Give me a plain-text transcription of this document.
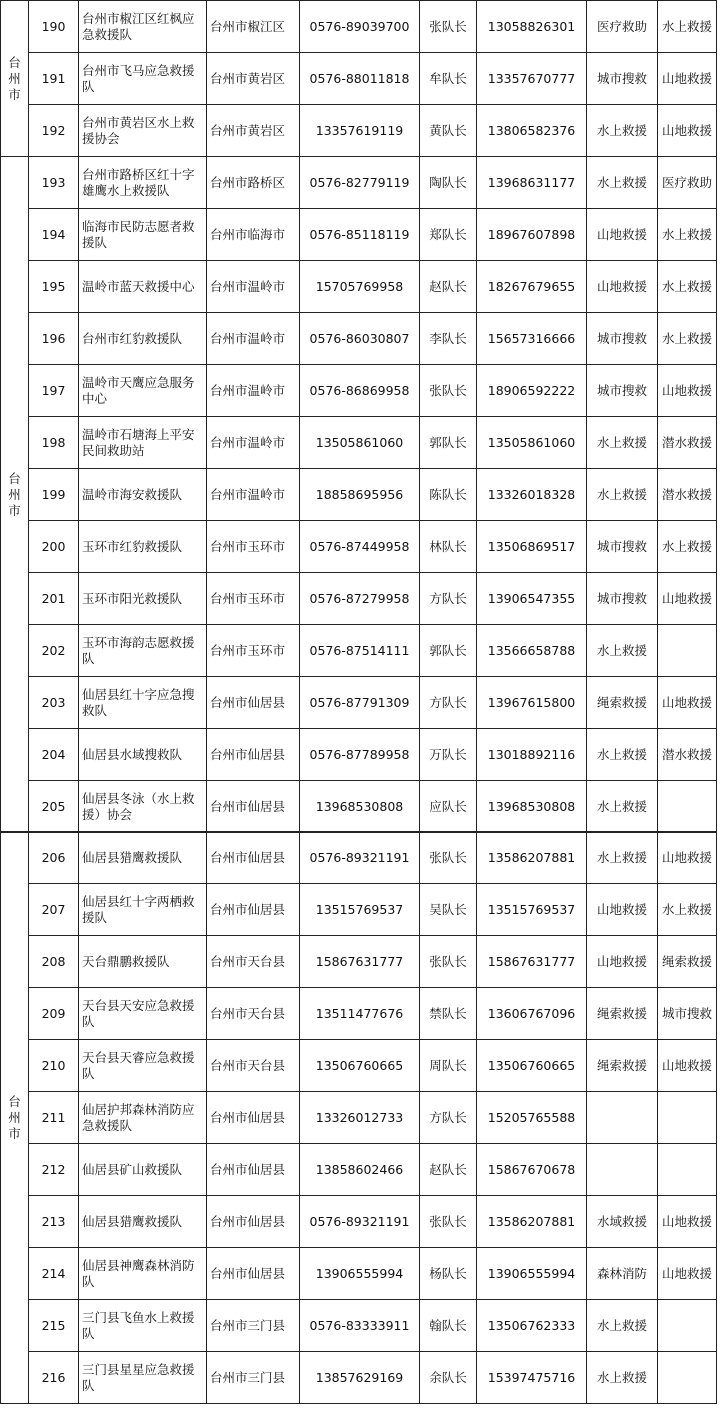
台州市	190	台州市椒江区红枫应急救援队	台州市椒江区	0576-89039700	张队长	13058826301	医疗救助	水上救援
	191	台州市飞马应急救援队	台州市黄岩区	0576-88011818	牟队长	13357670777	城市搜救	山地救援
	192	台州市黄岩区水上救援协会	台州市黄岩区	13357619119	黄队长	13806582376	水上救援	山地救援
台州市	193	台州市路桥区红十字雄鹰水上救援队	台州市路桥区	0576-82779119	陶队长	13968631177	水上救援	医疗救助
	194	临海市民防志愿者救援队	台州市临海市	0576-85118119	郑队长	18967607898	山地救援	水上救援
	195	温岭市蓝天救援中心	台州市温岭市	15705769958	赵队长	18267679655	山地救援	水上救援
	196	台州市红豹救援队	台州市温岭市	0576-86030807	李队长	15657316666	城市搜救	水上救援
	197	温岭市天鹰应急服务中心	台州市温岭市	0576-86869958	张队长	18906592222	城市搜救	山地救援
	198	温岭市石塘海上平安民间救助站	台州市温岭市	13505861060	郭队长	13505861060	水上救援	潜水救援
	199	温岭市海安救援队	台州市温岭市	18858695956	陈队长	13326018328	水上救援	潜水救援
	200	玉环市红豹救援队	台州市玉环市	0576-87449958	林队长	13506869517	城市搜救	水上救援
	201	玉环市阳光救援队	台州市玉环市	0576-87279958	方队长	13906547355	城市搜救	山地救援
	202	玉环市海韵志愿救援队	台州市玉环市	0576-87514111	郭队长	13566658788	水上救援	
	203	仙居县红十字应急搜救队	台州市仙居县	0576-87791309	方队长	13967615800	绳索救援	山地救援
	204	仙居县水域搜救队	台州市仙居县	0576-87789958	万队长	13018892116	水上救援	潜水救援
	205	仙居县冬泳（水上救援）协会	台州市仙居县	13968530808	应队长	13968530808	水上救援	
台州市	206	仙居县猎鹰救援队	台州市仙居县	0576-89321191	张队长	13586207881	水上救援	山地救援
	207	仙居县红十字两栖救援队	台州市仙居县	13515769537	吴队长	13515769537	山地救援	水上救援
	208	天台鼎鹏救援队	台州市天台县	15867631777	张队长	15867631777	山地救援	绳索救援
	209	天台县天安应急救援队	台州市天台县	13511477676	禁队长	13606767096	绳索救援	城市搜救
	210	天台县天睿应急救援队	台州市天台县	13506760665	周队长	13506760665	绳索救援	山地救援
	211	仙居护邦森林消防应急救援队	台州市仙居县	13326012733	方队长	15205765588		
	212	仙居县矿山救援队	台州市仙居县	13858602466	赵队长	15867670678		
	213	仙居县猎鹰救援队	台州市仙居县	0576-89321191	张队长	13586207881	水域救援	山地救援
	214	仙居县神鹰森林消防队	台州市仙居县	13906555994	杨队长	13906555994	森林消防	山地救援
	215	三门县飞鱼水上救援队	台州市三门县	0576-83333911	翰队长	13506762333	水上救援	
	216	三门县星星应急救援队	台州市三门县	13857629169	余队长	15397475716	水上救援	
